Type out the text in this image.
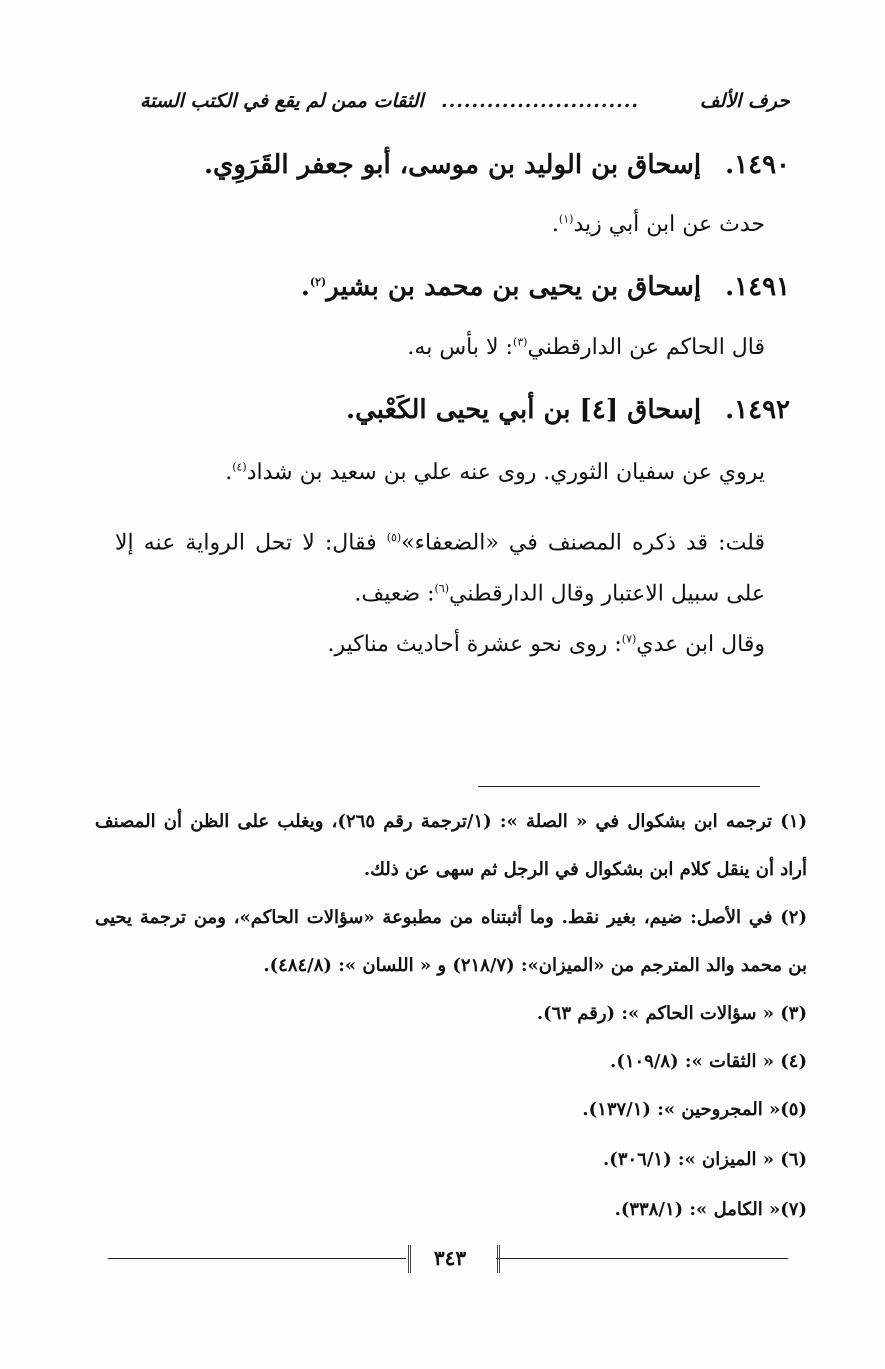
حرف الألف
..........................
الثقات ممن لم يقع في الكتب الستة
١٤٩٠.إسحاق بن الوليد بن موسى، أبو جعفر القَرَوِي.
حدث عن ابن أبي زيد$^{(١)}$.
١٤٩١.إسحاق بن يحيى بن محمد بن بشير$^{(٢)}$.
قال الحاكم عن الدارقطني$^{(٣)}$: لا بأس به.
١٤٩٢.إسحاق [٤] بن أبي يحيى الكَعْبي.
يروي عن سفيان الثوري. روى عنه علي بن سعيد بن شداد$^{(٤)}$.
قلت: قد ذكره المصنف في «الضعفاء»$^{(٥)}$ فقال: لا تحل الرواية عنه إلا على سبيل الاعتبار وقال الدارقطني$^{(٦)}$: ضعيف.
وقال ابن عدي$^{(٧)}$: روى نحو عشرة أحاديث مناكير.
(١) ترجمه ابن بشكوال في « الصلة »: (١/ترجمة رقم ٢٦٥)، ويغلب على الظن أن المصنف أراد أن ينقل كلام ابن بشكوال في الرجل ثم سهى عن ذلك.
(٢) في الأصل: ضيم، بغير نقط. وما أثبتناه من مطبوعة «سؤالات الحاكم»، ومن ترجمة يحيى بن محمد والد المترجم من «الميزان»: (٢١٨/٧) و « اللسان »: (٤٨٤/٨).
(٣) « سؤالات الحاكم »: (رقم ٦٣).
(٤) « الثقات »: (١٠٩/٨).
(٥)« المجروحين »: (١٣٧/١).
(٦) « الميزان »: (٣٠٦/١).
(٧)« الكامل »: (٣٣٨/١).
٣٤٣
